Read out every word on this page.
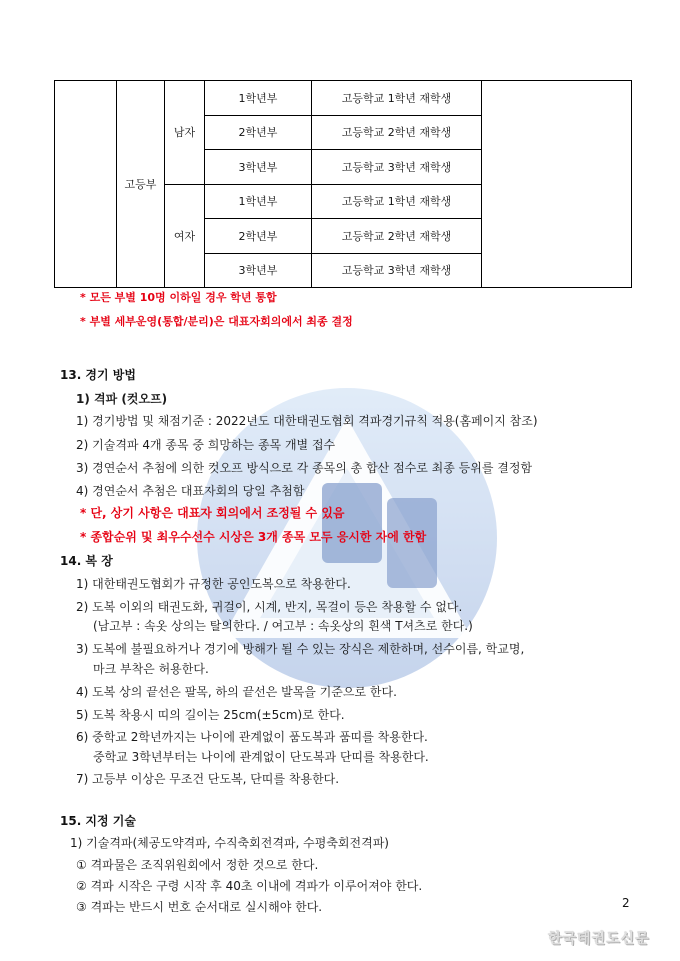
	고등부	남자	1학년부	고등학교 1학년 재학생	
			2학년부	고등학교 2학년 재학생	
			3학년부	고등학교 3학년 재학생	
		여자	1학년부	고등학교 1학년 재학생	
			2학년부	고등학교 2학년 재학생	
			3학년부	고등학교 3학년 재학생	
* 모든 부별 10명 이하일 경우 학년 통합
* 부별 세부운영(통합/분리)은 대표자회의에서 최종 결정
13. 경기 방법
1) 격파 (컷오프)
1) 경기방법 및 채점기준 : 2022년도 대한태권도협회 격파경기규칙 적용(홈페이지 참조)
2) 기술격파 4개 종목 중 희망하는 종목 개별 접수
3) 경연순서 추첨에 의한 컷오프 방식으로 각 종목의 총 합산 점수로 최종 등위를 결정함
4) 경연순서 추첨은 대표자회의 당일 추첨함
* 단, 상기 사항은 대표자 회의에서 조정될 수 있음
* 종합순위 및 최우수선수 시상은 3개 종목 모두 응시한 자에 한함
14. 복 장
1) 대한태권도협회가 규정한 공인도복으로 착용한다.
2) 도복 이외의 태권도화, 귀걸이, 시계, 반지, 목걸이 등은 착용할 수 없다.
(남고부 : 속옷 상의는 탈의한다. / 여고부 : 속옷상의 흰색 T셔츠로 한다.)
3) 도복에 불필요하거나 경기에 방해가 될 수 있는 장식은 제한하며, 선수이름, 학교명,
마크 부착은 허용한다.
4) 도복 상의 끝선은 팔목, 하의 끝선은 발목을 기준으로 한다.
5) 도복 착용시 띠의 길이는 25cm(±5cm)로 한다.
6) 중학교 2학년까지는 나이에 관계없이 품도복과 품띠를 착용한다.
중학교 3학년부터는 나이에 관계없이 단도복과 단띠를 착용한다.
7) 고등부 이상은 무조건 단도복, 단띠를 착용한다.
15. 지정 기술
1) 기술격파(체공도약격파, 수직축회전격파, 수평축회전격파)
① 격파물은 조직위원회에서 정한 것으로 한다.
② 격파 시작은 구령 시작 후 40초 이내에 격파가 이루어져야 한다.
③ 격파는 반드시 번호 순서대로 실시해야 한다.	2
한국태권도신문
